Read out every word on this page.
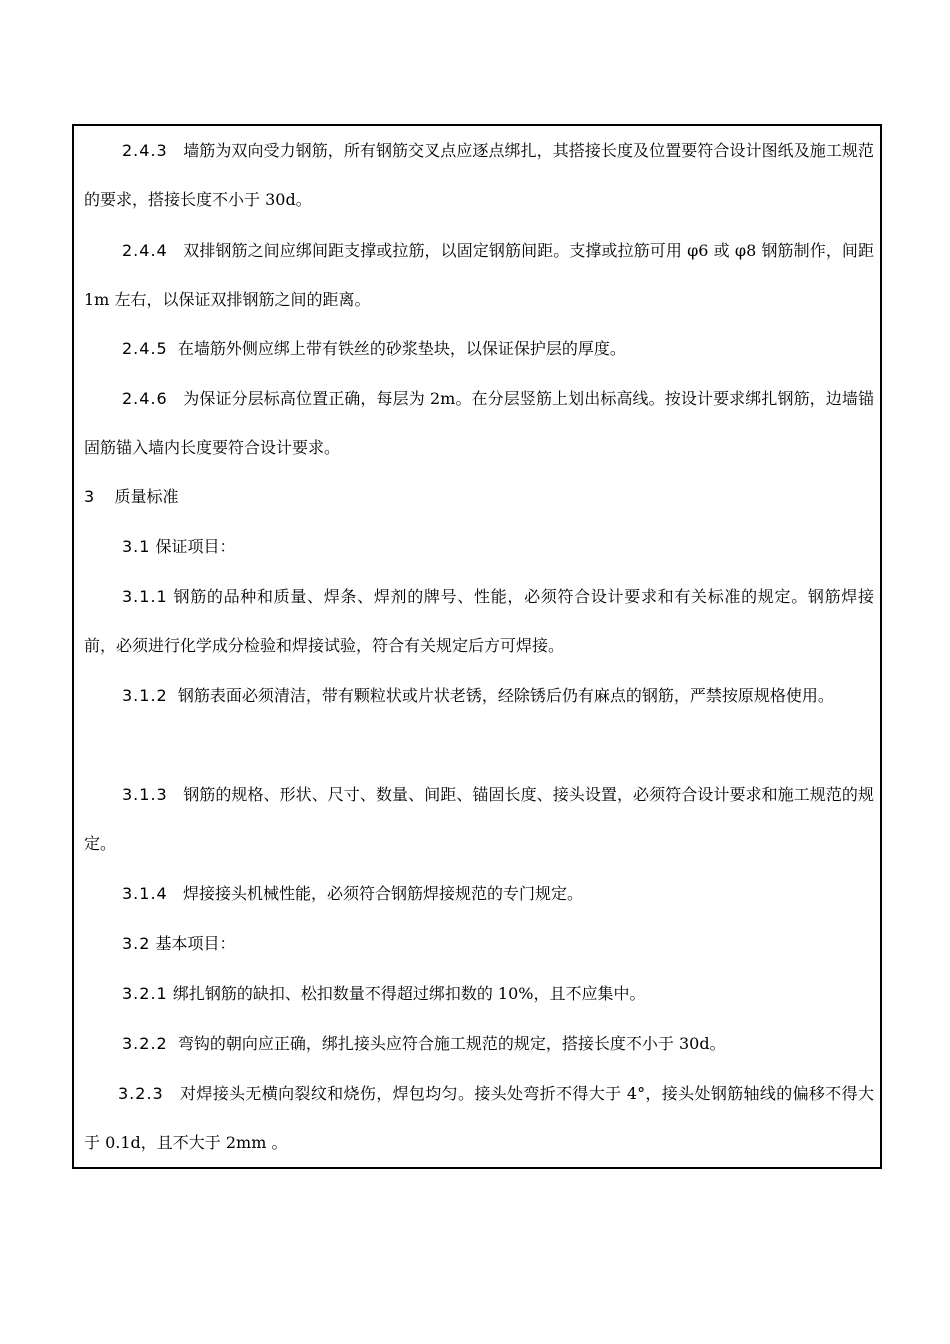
2.4.3 墙筋为双向受力钢筋，所有钢筋交叉点应逐点绑扎，其搭接长度及位置要符合设计图纸及施工规范的要求，搭接长度不小于 30d。

2.4.4 双排钢筋之间应绑间距支撑或拉筋，以固定钢筋间距。支撑或拉筋可用 φ6 或 φ8 钢筋制作，间距 1m 左右，以保证双排钢筋之间的距离。

2.4.5 在墙筋外侧应绑上带有铁丝的砂浆垫块，以保证保护层的厚度。

2.4.6 为保证分层标高位置正确，每层为 2m。在分层竖筋上划出标高线。按设计要求绑扎钢筋，边墙锚固筋锚入墙内长度要符合设计要求。

3 质量标准

3.1 保证项目：

3.1.1 钢筋的品种和质量、焊条、焊剂的牌号、性能，必须符合设计要求和有关标准的规定。钢筋焊接前，必须进行化学成分检验和焊接试验，符合有关规定后方可焊接。

3.1.2 钢筋表面必须清洁，带有颗粒状或片状老锈，经除锈后仍有麻点的钢筋，严禁按原规格使用。

3.1.3 钢筋的规格、形状、尺寸、数量、间距、锚固长度、接头设置，必须符合设计要求和施工规范的规定。

3.1.4 焊接接头机械性能，必须符合钢筋焊接规范的专门规定。

3.2 基本项目：

3.2.1 绑扎钢筋的缺扣、松扣数量不得超过绑扣数的 10%，且不应集中。

3.2.2 弯钩的朝向应正确，绑扎接头应符合施工规范的规定，搭接长度不小于 30d。

3.2.3 对焊接头无横向裂纹和烧伤，焊包均匀。接头处弯折不得大于 4°，接头处钢筋轴线的偏移不得大于 0.1d，且不大于 2mm 。
